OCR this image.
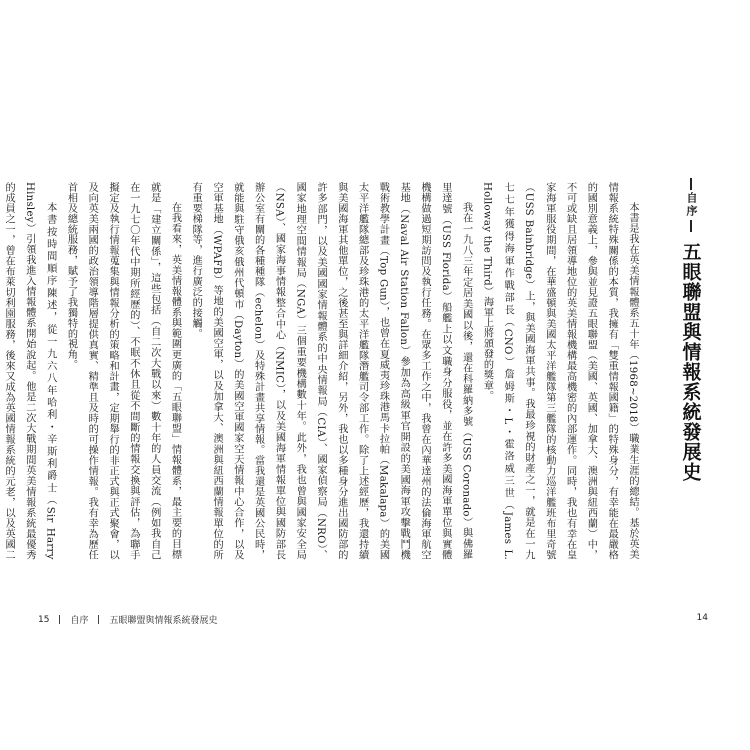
自序
五眼聯盟與情報系統發展史

本書是我在英美情報體系五十年（1968~2018）職業生涯的總結。基於英美情報系統特殊關係的本質，我擁有「雙重情報國籍」的特殊身分，有幸能在最嚴格的國別意義上，參與並見證五眼聯盟（美國、英國、加拿大、澳洲與紐西蘭）中，不可或缺且居領導地位的英美情報機構最高機密的內部運作。同時，我也有幸在皇家海軍服役期間，在華盛頓與美國太平洋艦隊第三艦隊的核動力巡洋艦班布里奇號（USS Bainbridge）上，與美國海軍共事。我最珍視的財產之一，就是在一九七七年獲得海軍作戰部長（CNO）詹姆斯・L・霍洛威三世（James L. Holloway the Third）海軍上將頒發的獎章。

我在一九八三年定居美國以後，還在科羅納多號（USS Coronado）與佛羅里達號（USS Florida）船艦上以文職身分服役，並在許多美國海軍單位與實體機構做過短期訪問及執行任務。在眾多工作之中，我曾在內華達州的法倫海軍航空基地（Naval Air Station Fallon）參加為高級軍官開設的美國海軍攻擊戰鬥機戰術教學計畫（Top Gun），也曾在夏威夷珍珠港馬卡拉帕（Makalapa）的美國太平洋艦隊總部及珍珠港的太平洋艦隊潛艦司令部工作。除了上述經歷，我還持續與美國海軍其他單位，之後甚至與詳細介紹，另外，我也以多種身分進出國防部的許多部門，以及美國國家情報體系的中央情報局（CIA）、國家偵察局（NRO）、國家地理空間情報局（NGA）三個重要機構數十年。此外，我也曾與國家安全局（NSA）、國家海事情報整合中心（NMIC），以及美國海軍情報單位與國防部長辦公室有關的各種種隊（echelon）及特殊計畫共享情報。當我還是英國公民時，就能與駐守俄亥俄州代頓市（Dayton）的美國空軍國家空天情報中心合作，以及空軍基地（WPAFB）等地的美國空軍，以及加拿大、澳洲與紐西蘭情報單位的所有重要梯隊等，進行廣泛的接觸。

在我看來，英美情報體系與範圍更廣的「五眼聯盟」情報體系，最主要的目標就是「建立關係」，這些包括（自二次大戰以來）數十年的人員交流（例如我自己在一九七〇年代中期所經歷的）、不眠不休且從不間斷的情報交換與評估，為聯手擬定及執行情報蒐集與情報分析的策略和計畫，定期舉行的非正式與正式聚會，以及向英美兩國的政治領導階層提供真實、精準且及時的可操作情報。我有幸為歷任首相及總統服務，賦予了我獨特的視角。

本書按時間順序陳述，從一九六八年哈利・辛斯利爵士（Sir Harry Hinsley）引領我進入情報體系開始說起。他是二次大戰期間英美情報系統最優秀的成員之一，曾在布萊切利園服務，後來又成為英國情報系統的元老，以及英國二

15 自序 五眼聯盟與情報系統發展史	14
